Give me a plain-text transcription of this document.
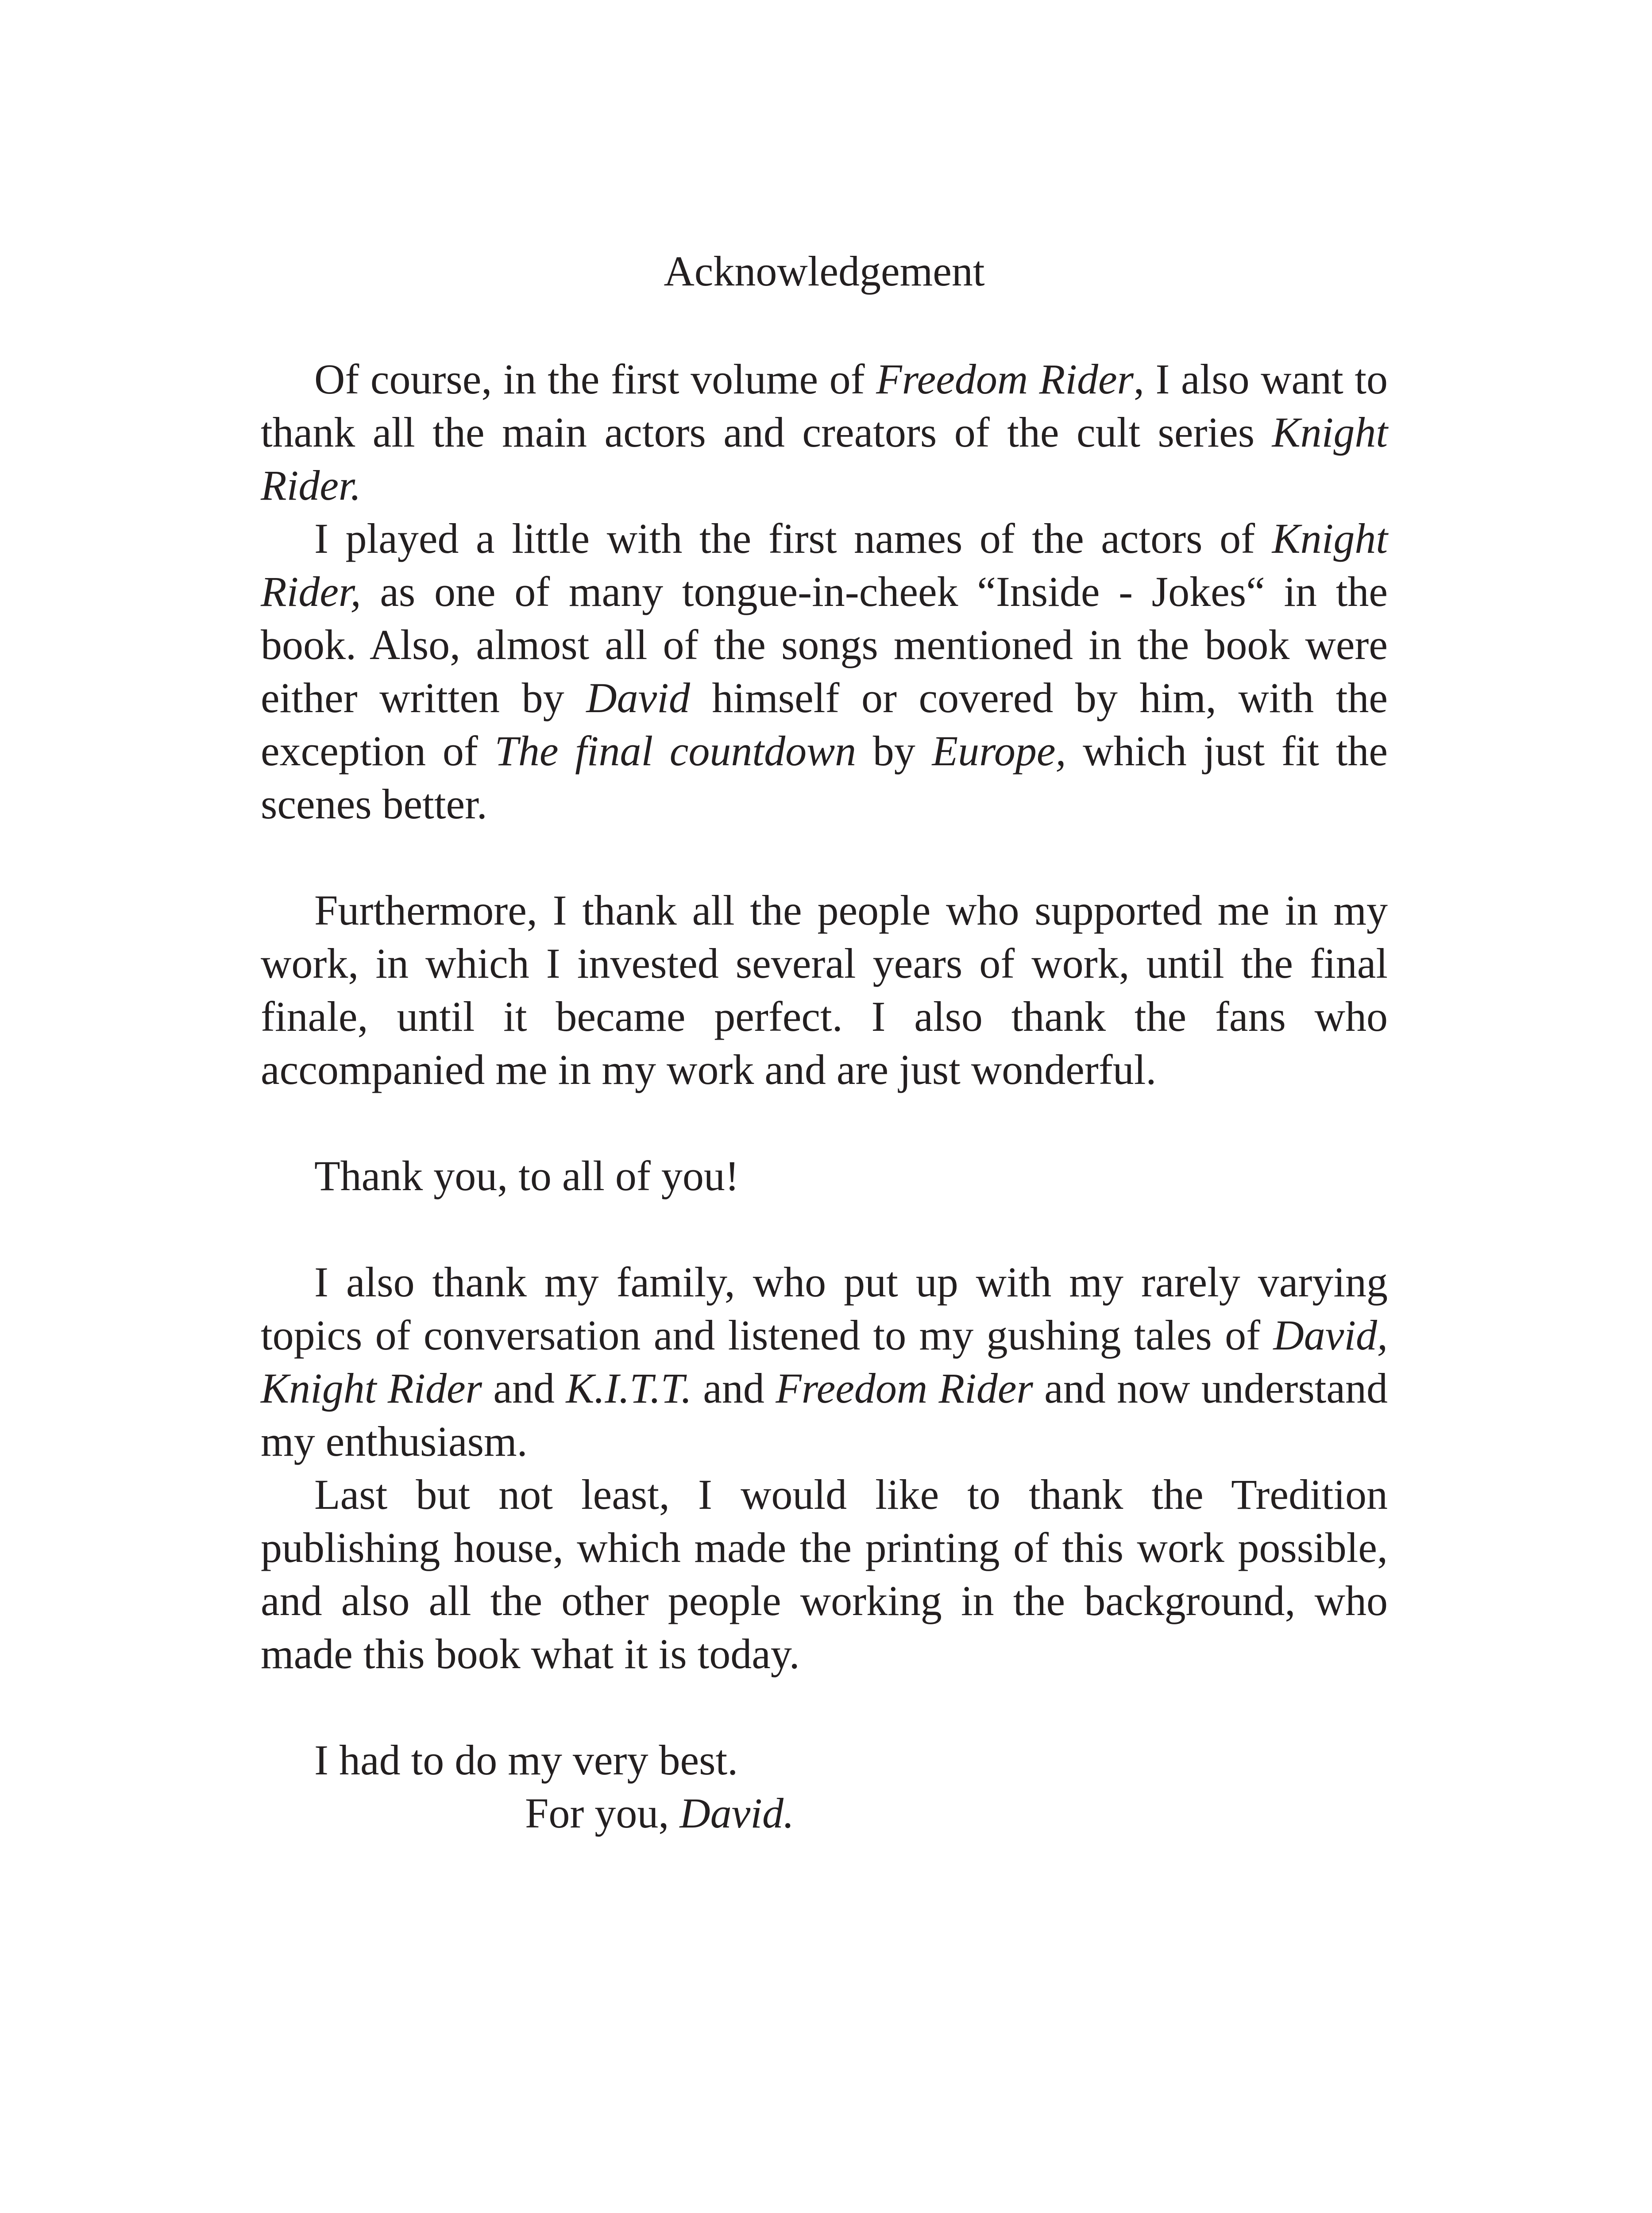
Acknowledgement

Of course, in the first volume of Freedom Rider, I also want to thank all the main actors and creators of the cult series Knight Rider.

I played a little with the first names of the actors of Knight Rider, as one of many tongue-in-cheek “Inside - Jokes“ in the book. Also, almost all of the songs mentioned in the book were either written by David himself or covered by him, with the exception of The final countdown by Europe, which just fit the scenes better.

Furthermore, I thank all the people who supported me in my work, in which I invested several years of work, until the final finale, until it became perfect. I also thank the fans who accompanied me in my work and are just wonderful.

Thank you, to all of you!

I also thank my family, who put up with my rarely varying topics of conversation and listened to my gushing tales of David, Knight Rider and K.I.T.T. and Freedom Rider and now understand my enthusiasm.

Last but not least, I would like to thank the Tredition publishing house, which made the printing of this work possible, and also all the other people working in the background, who made this book what it is today.

I had to do my very best.

For you, David.
